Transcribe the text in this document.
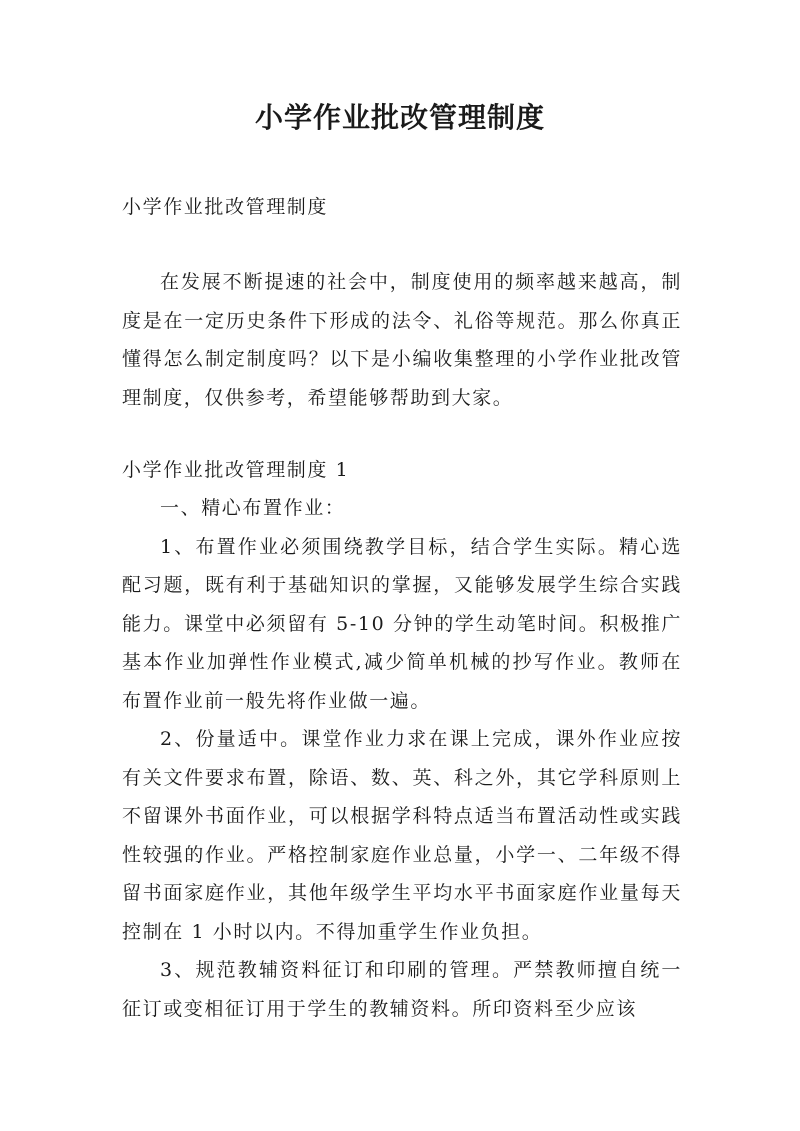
小学作业批改管理制度
小学作业批改管理制度

在发展不断提速的社会中，制度使用的频率越来越高，制度是在一定历史条件下形成的法令、礼俗等规范。那么你真正懂得怎么制定制度吗？以下是小编收集整理的小学作业批改管理制度，仅供参考，希望能够帮助到大家。

小学作业批改管理制度 1

一、精心布置作业：

1、布置作业必须围绕教学目标，结合学生实际。精心选配习题，既有利于基础知识的掌握，又能够发展学生综合实践能力。课堂中必须留有 5-10 分钟的学生动笔时间。积极推广基本作业加弹性作业模式,减少简单机械的抄写作业。教师在布置作业前一般先将作业做一遍。

2、份量适中。课堂作业力求在课上完成，课外作业应按有关文件要求布置，除语、数、英、科之外，其它学科原则上不留课外书面作业，可以根据学科特点适当布置活动性或实践性较强的作业。严格控制家庭作业总量，小学一、二年级不得留书面家庭作业，其他年级学生平均水平书面家庭作业量每天控制在 1 小时以内。不得加重学生作业负担。

3、规范教辅资料征订和印刷的管理。严禁教师擅自统一征订或变相征订用于学生的教辅资料。所印资料至少应该
